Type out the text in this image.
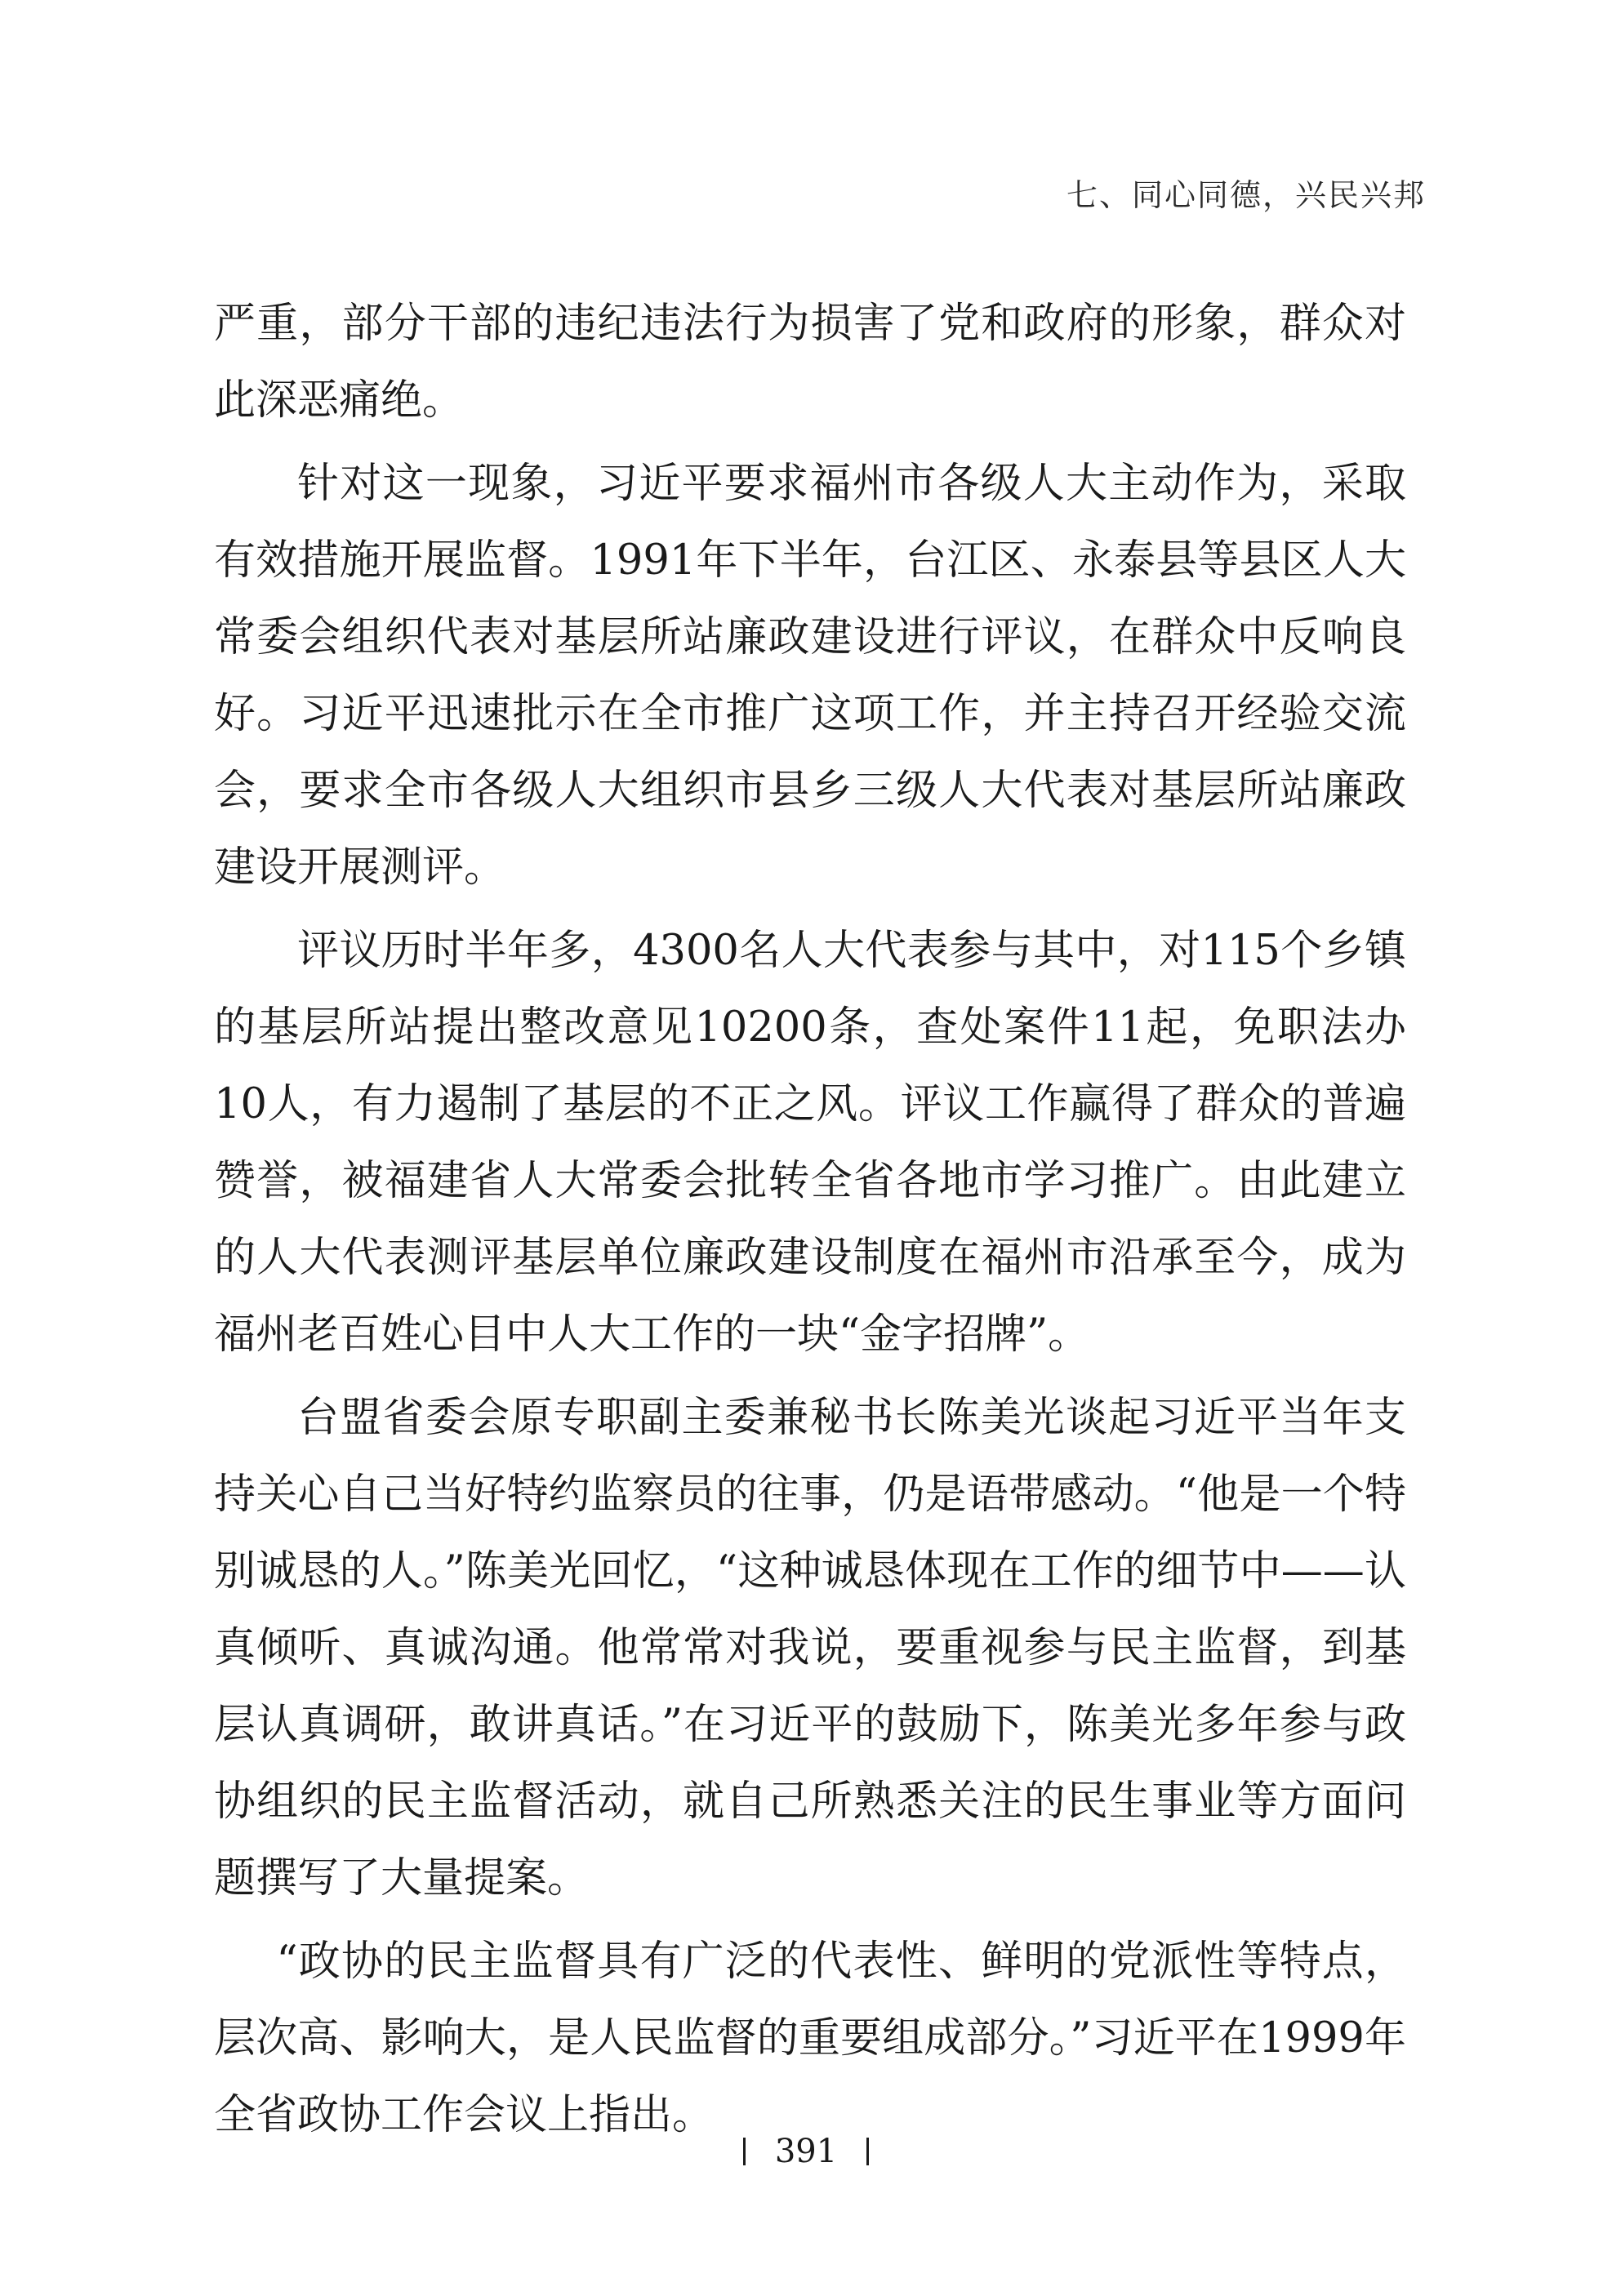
七、同心同德，兴民兴邦

严重，部分干部的违纪违法行为损害了党和政府的形象，群众对此深恶痛绝。

针对这一现象，习近平要求福州市各级人大主动作为，采取有效措施开展监督。1991年下半年，台江区、永泰县等县区人大常委会组织代表对基层所站廉政建设进行评议，在群众中反响良好。习近平迅速批示在全市推广这项工作，并主持召开经验交流会，要求全市各级人大组织市县乡三级人大代表对基层所站廉政建设开展测评。

评议历时半年多，4300名人大代表参与其中，对115个乡镇的基层所站提出整改意见10200条，查处案件11起，免职法办10人，有力遏制了基层的不正之风。评议工作赢得了群众的普遍赞誉，被福建省人大常委会批转全省各地市学习推广。由此建立的人大代表测评基层单位廉政建设制度在福州市沿承至今，成为福州老百姓心目中人大工作的一块“金字招牌”。

台盟省委会原专职副主委兼秘书长陈美光谈起习近平当年支持关心自己当好特约监察员的往事，仍是语带感动。“他是一个特别诚恳的人。”陈美光回忆，“这种诚恳体现在工作的细节中——认真倾听、真诚沟通。他常常对我说，要重视参与民主监督，到基层认真调研，敢讲真话。”在习近平的鼓励下，陈美光多年参与政协组织的民主监督活动，就自己所熟悉关注的民生事业等方面问题撰写了大量提案。

“政协的民主监督具有广泛的代表性、鲜明的党派性等特点，层次高、影响大，是人民监督的重要组成部分。”习近平在1999年全省政协工作会议上指出。

391
